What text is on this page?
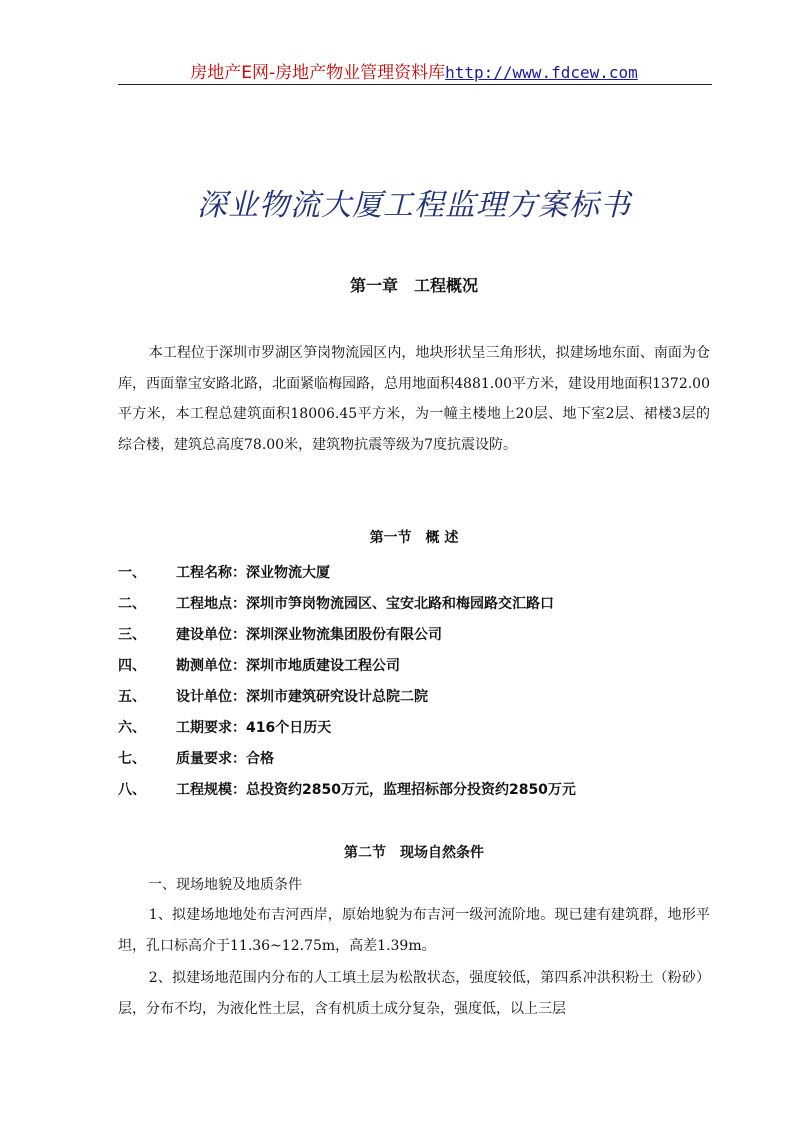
房地产E网-房地产物业管理资料库http://www.fdcew.com
深业物流大厦工程监理方案标书
第一章　工程概况
本工程位于深圳市罗湖区笋岗物流园区内，地块形状呈三角形状，拟建场地东面、南面为仓库，西面靠宝安路北路，北面紧临梅园路，总用地面积4881.00平方米，建设用地面积1372.00平方米，本工程总建筑面积18006.45平方米，为一幢主楼地上20层、地下室2层、裙楼3层的综合楼，建筑总高度78.00米，建筑物抗震等级为7度抗震设防。
第一节　概 述
一、 工程名称：深业物流大厦
二、 工程地点：深圳市笋岗物流园区、宝安北路和梅园路交汇路口
三、 建设单位：深圳深业物流集团股份有限公司
四、 勘测单位：深圳市地质建设工程公司
五、 设计单位：深圳市建筑研究设计总院二院
六、 工期要求：416个日历天
七、 质量要求：合格
八、 工程规模：总投资约2850万元，监理招标部分投资约2850万元
第二节　现场自然条件
一、现场地貌及地质条件
1、拟建场地地处布吉河西岸，原始地貌为布吉河一级河流阶地。现已建有建筑群，地形平坦，孔口标高介于11.36~12.75m，高差1.39m。
2、拟建场地范围内分布的人工填土层为松散状态，强度较低，第四系冲洪积粉土（粉砂）层，分布不均，为液化性土层，含有机质土成分复杂，强度低，以上三层
